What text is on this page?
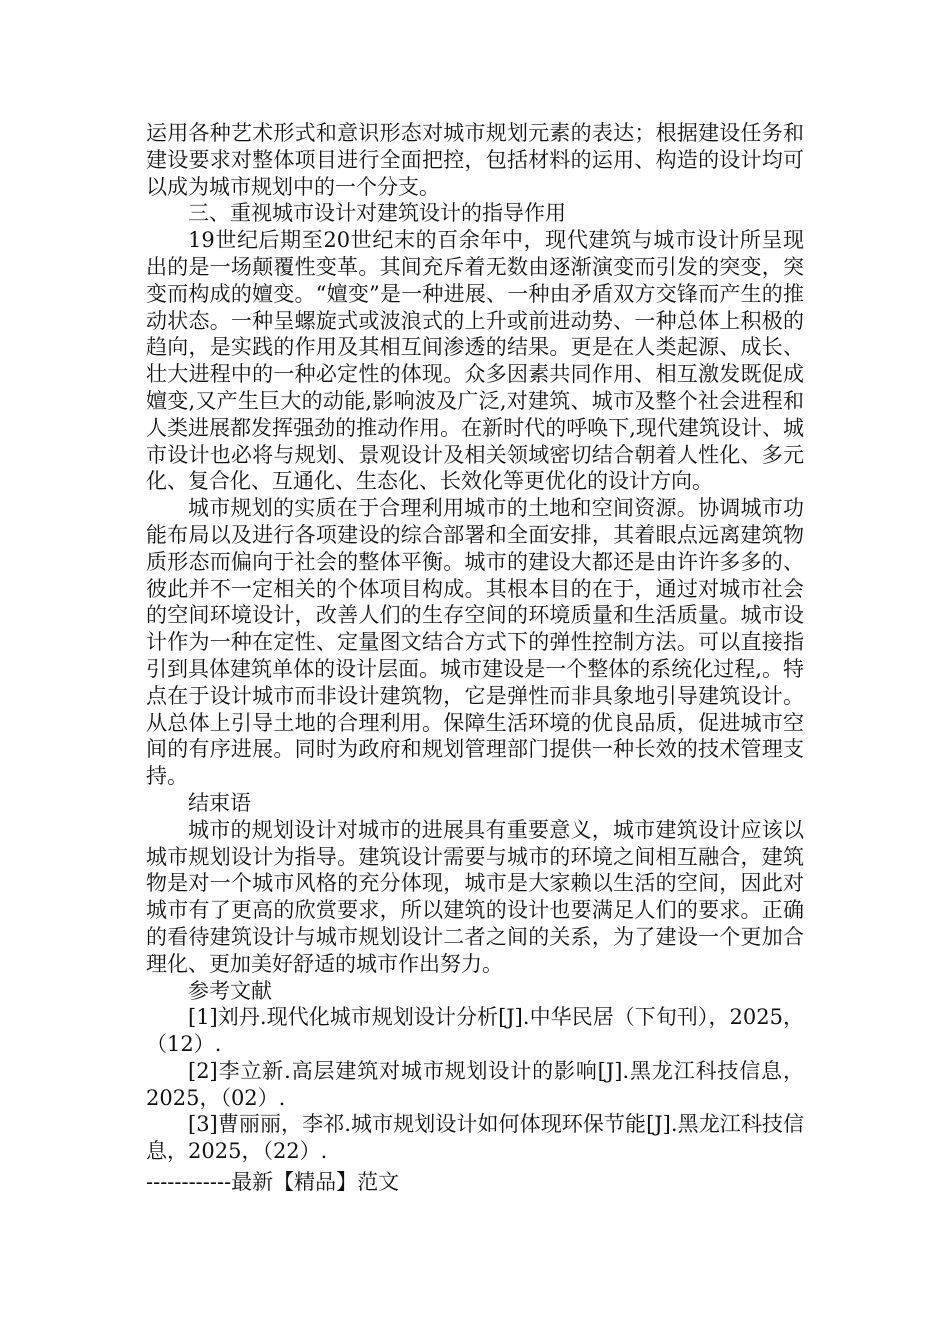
运用各种艺术形式和意识形态对城市规划元素的表达；根据建设任务和建设要求对整体项目进行全面把控，包括材料的运用、构造的设计均可以成为城市规划中的一个分支。

三、重视城市设计对建筑设计的指导作用

19世纪后期至20世纪末的百余年中，现代建筑与城市设计所呈现出的是一场颠覆性变革。其间充斥着无数由逐渐演变而引发的突变，突变而构成的嬗变。“嬗变”是一种进展、一种由矛盾双方交锋而产生的推动状态。一种呈螺旋式或波浪式的上升或前进动势、一种总体上积极的趋向，是实践的作用及其相互间渗透的结果。更是在人类起源、成长、壮大进程中的一种必定性的体现。众多因素共同作用、相互激发既促成嬗变,又产生巨大的动能,影响波及广泛,对建筑、城市及整个社会进程和人类进展都发挥强劲的推动作用。在新时代的呼唤下,现代建筑设计、城市设计也必将与规划、景观设计及相关领域密切结合朝着人性化、多元化、复合化、互通化、生态化、长效化等更优化的设计方向。

城市规划的实质在于合理利用城市的土地和空间资源。协调城市功能布局以及进行各项建设的综合部署和全面安排，其着眼点远离建筑物质形态而偏向于社会的整体平衡。城市的建设大都还是由许许多多的、彼此并不一定相关的个体项目构成。其根本目的在于，通过对城市社会的空间环境设计，改善人们的生存空间的环境质量和生活质量。城市设计作为一种在定性、定量图文结合方式下的弹性控制方法。可以直接指引到具体建筑单体的设计层面。城市建设是一个整体的系统化过程,。特点在于设计城市而非设计建筑物，它是弹性而非具象地引导建筑设计。从总体上引导土地的合理利用。保障生活环境的优良品质，促进城市空间的有序进展。同时为政府和规划管理部门提供一种长效的技术管理支持。

结束语

城市的规划设计对城市的进展具有重要意义，城市建筑设计应该以城市规划设计为指导。建筑设计需要与城市的环境之间相互融合，建筑物是对一个城市风格的充分体现，城市是大家赖以生活的空间，因此对城市有了更高的欣赏要求，所以建筑的设计也要满足人们的要求。正确的看待建筑设计与城市规划设计二者之间的关系，为了建设一个更加合理化、更加美好舒适的城市作出努力。

参考文献

[1]刘丹.现代化城市规划设计分析[J].中华民居（下旬刊），2025，（12）.

[2]李立新.高层建筑对城市规划设计的影响[J].黑龙江科技信息，2025，（02）.

[3]曹丽丽，李祁.城市规划设计如何体现环保节能[J].黑龙江科技信息，2025，（22）.

------------最新【精品】范文
